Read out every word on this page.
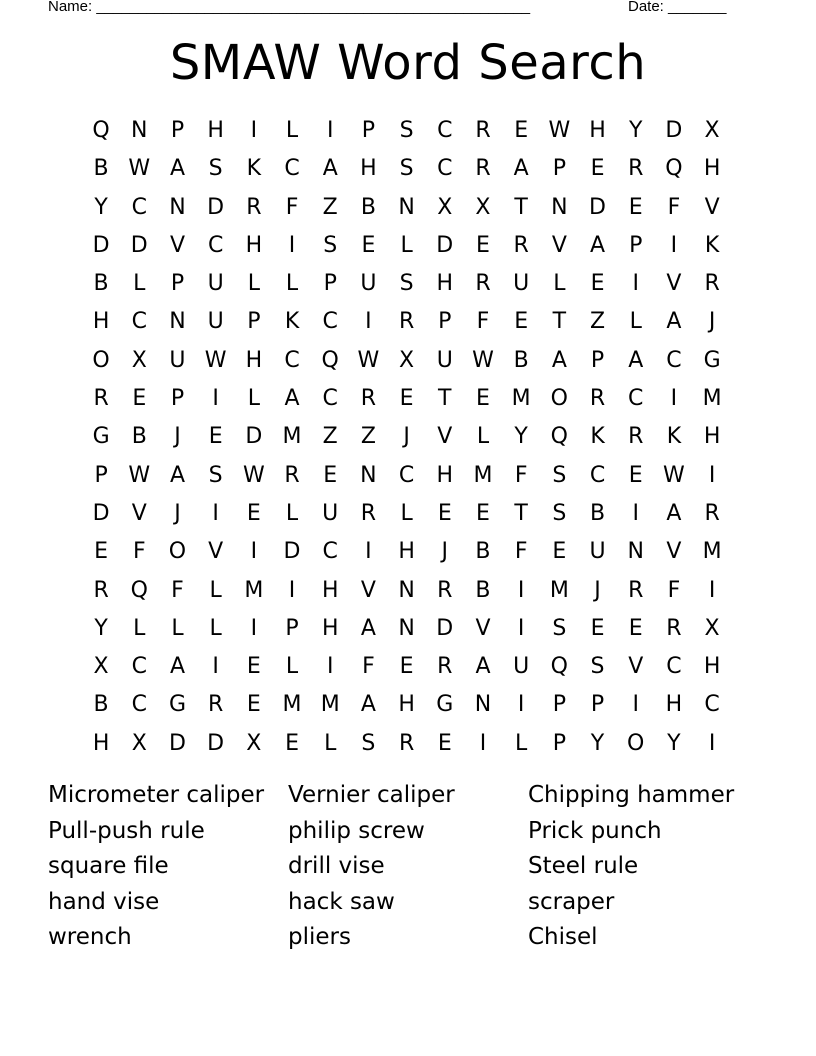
Name: ____________________________________________________	Date: _______
SMAW Word Search
Q N	P	H	I	L	I	P	S	C	R	E W H	Y	D	X
B W A	S	K	C	A	H	S	C	R	A	P	E	R Q H
Y	C	N D	R	F	Z	B	N	X	X	T	N D	E	F	V
D D	V	C	H	I	S	E	L	D	E	R	V	A	P	I	K
B	L	P	U	L	L	P	U	S	H	R	U	L	E	I	V	R
H	C	N U	P	K	C	I	R	P	F	E	T	Z	L	A	J
O X	U W H	C Q W X	U W B	A	P	A	C G
R	E	P	I	L	A	C	R	E	T	E M O R	C	I	M
G	B	J	E	D M Z	Z	J	V	L	Y	Q	K	R	K	H
P W A	S W R	E	N	C	H M	F	S	C	E W	I
D	V	J	I	E	L	U	R	L	E	E	T	S	B	I	A	R
E	F	O	V	I	D	C	I	H	J	B	F	E	U N	V M
R Q	F	L	M	I	H	V	N	R	B	I	M	J	R	F	I
Y	L	L	L	I	P	H	A	N D	V	I	S	E	E	R	X
X	C	A	I	E	L	I	F	E	R	A	U Q	S	V	C	H
B	C G	R	E M M A	H G N	I	P	P	I	H	C
H	X	D D	X	E	L	S	R	E	I	L	P	Y	O	Y	I
Micrometer caliper	Vernier caliper	Chipping hammer
Pull-push rule	philip screw	Prick punch
square file	drill vise	Steel rule
hand vise	hack saw	scraper
wrench	pliers	Chisel
